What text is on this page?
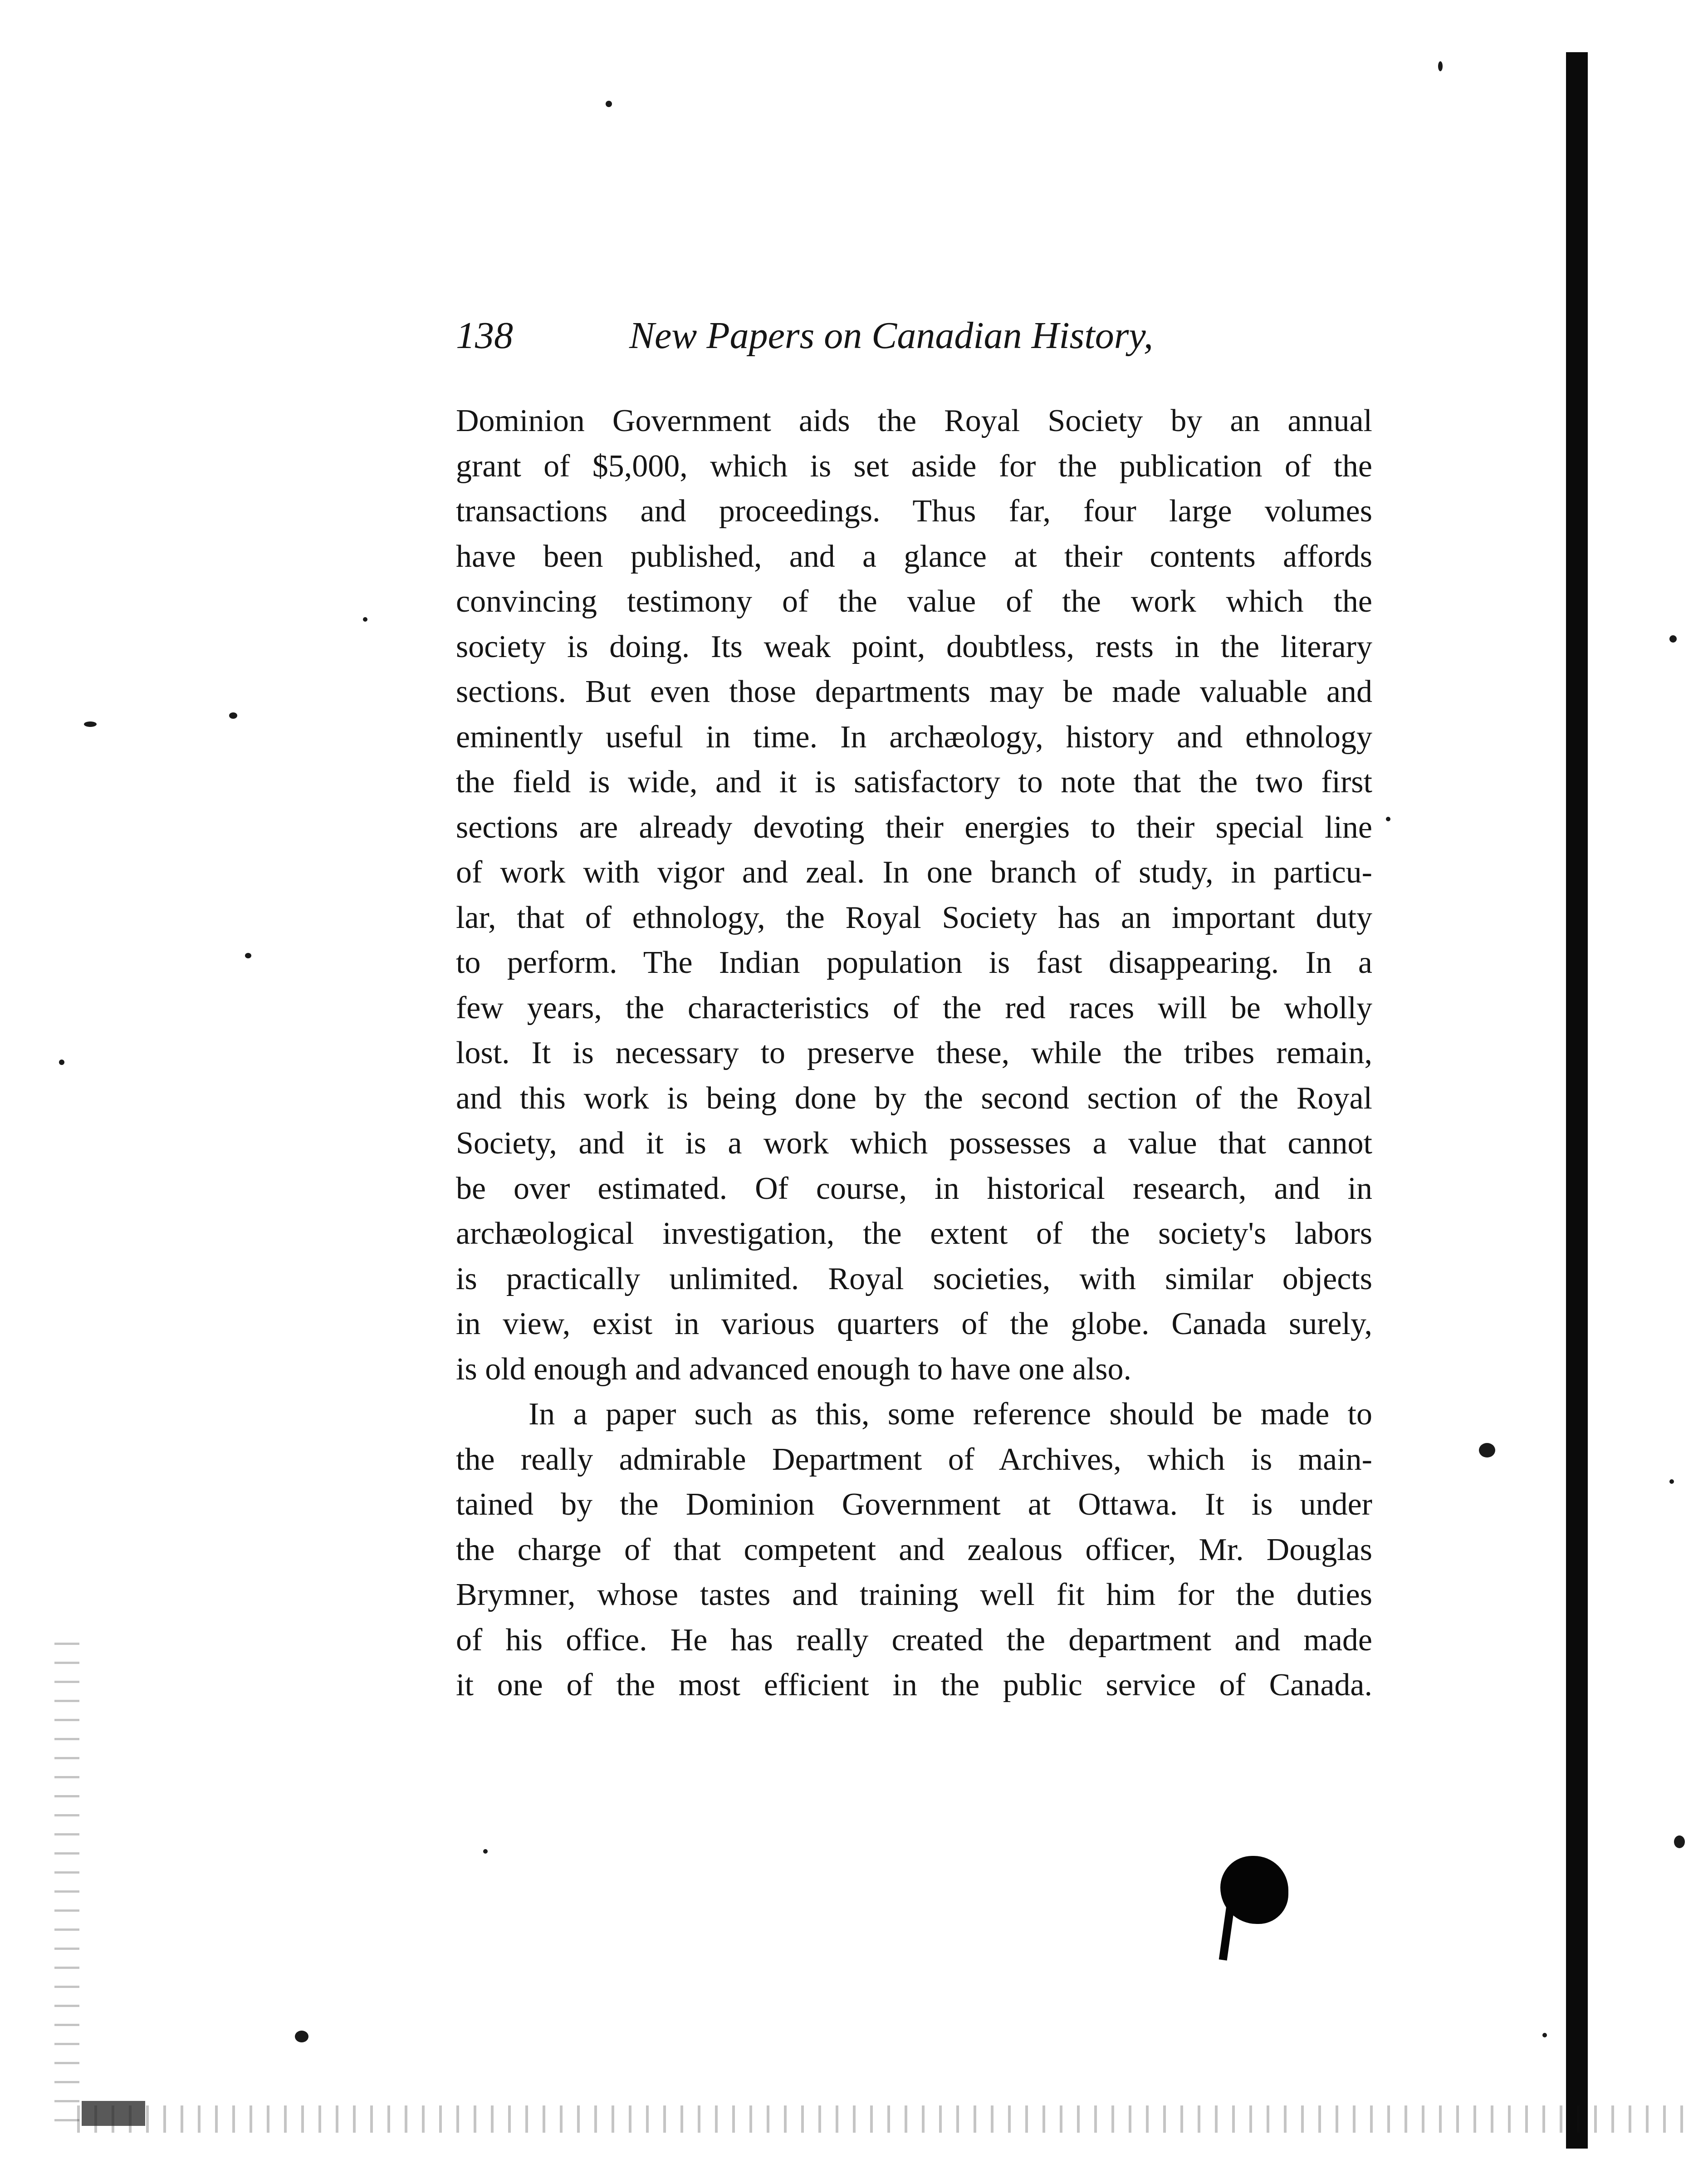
138	New Papers on Canadian History,

Dominion Government aids the Royal Society by an annual
grant of $5,000, which is set aside for the publication of the
transactions and proceedings. Thus far, four large volumes
have been published, and a glance at their contents affords
convincing testimony of the value of the work which the
society is doing. Its weak point, doubtless, rests in the literary
sections. But even those departments may be made valuable and
eminently useful in time. In archæology, history and ethnology
the field is wide, and it is satisfactory to note that the two first
sections are already devoting their energies to their special line
of work with vigor and zeal. In one branch of study, in particu-
lar, that of ethnology, the Royal Society has an important duty
to perform. The Indian population is fast disappearing. In a
few years, the characteristics of the red races will be wholly
lost. It is necessary to preserve these, while the tribes remain,
and this work is being done by the second section of the Royal
Society, and it is a work which possesses a value that cannot
be over estimated. Of course, in historical research, and in
archæological investigation, the extent of the society's labors
is practically unlimited. Royal societies, with similar objects
in view, exist in various quarters of the globe. Canada surely,
is old enough and advanced enough to have one also.

In a paper such as this, some reference should be made to
the really admirable Department of Archives, which is main-
tained by the Dominion Government at Ottawa. It is under
the charge of that competent and zealous officer, Mr. Douglas
Brymner, whose tastes and training well fit him for the duties
of his office. He has really created the department and made
it one of the most efficient in the public service of Canada.
